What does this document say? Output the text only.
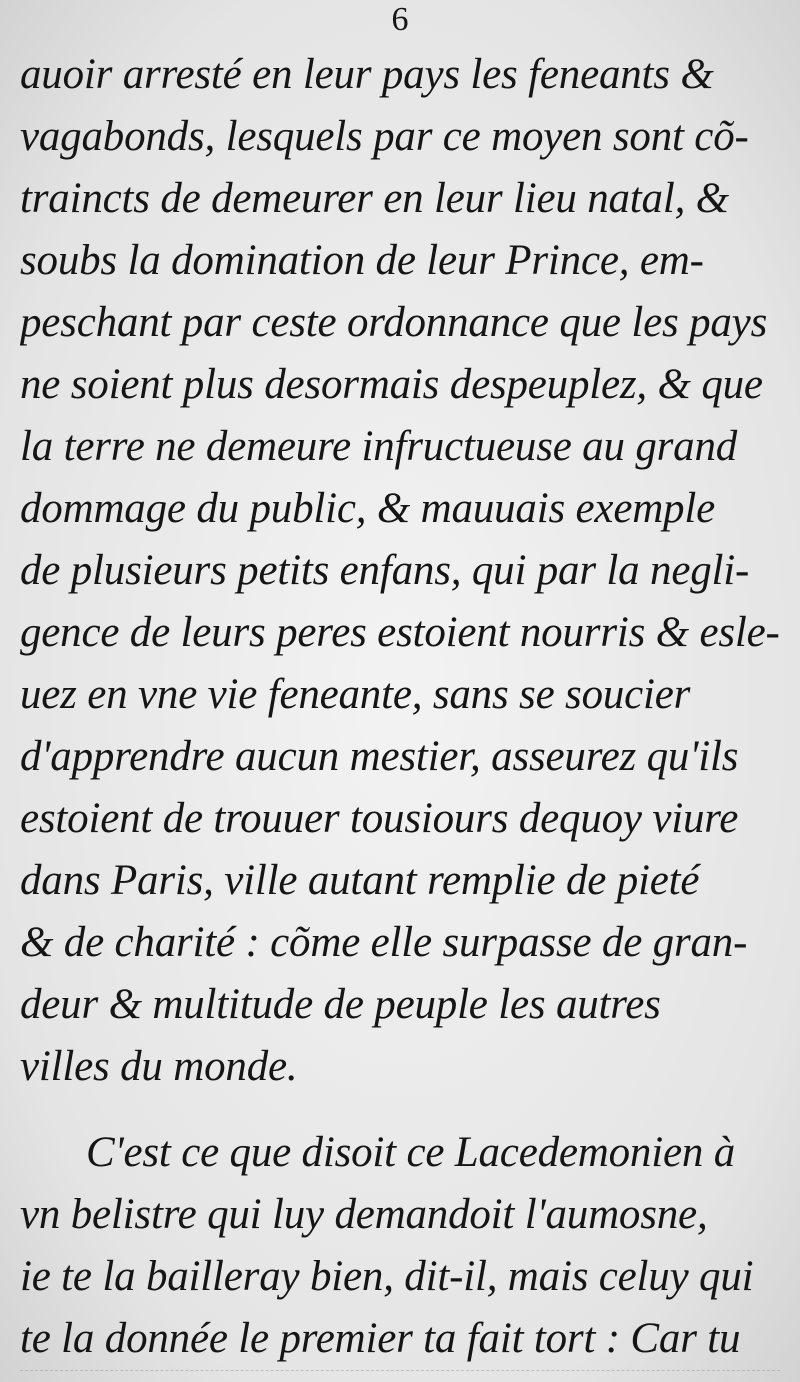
6
auoir arresté en leur pays les feneants &
vagabonds, lesquels par ce moyen sont cõ-
traincts de demeurer en leur lieu natal, &
soubs la domination de leur Prince, em-
peschant par ceste ordonnance que les pays
ne soient plus desormais despeuplez, & que
la terre ne demeure infructueuse au grand
dommage du public, & mauuais exemple
de plusieurs petits enfans, qui par la negli-
gence de leurs peres estoient nourris & esle-
uez en vne vie feneante, sans se soucier
d'apprendre aucun mestier, asseurez qu'ils
estoient de trouuer tousiours dequoy viure
dans Paris, ville autant remplie de pieté
& de charité : cõme elle surpasse de gran-
deur & multitude de peuple les autres
villes du monde.
C'est ce que disoit ce Lacedemonien à
vn belistre qui luy demandoit l'aumosne,
ie te la bailleray bien, dit-il, mais celuy qui
te la donnée le premier ta fait tort : Car tu
